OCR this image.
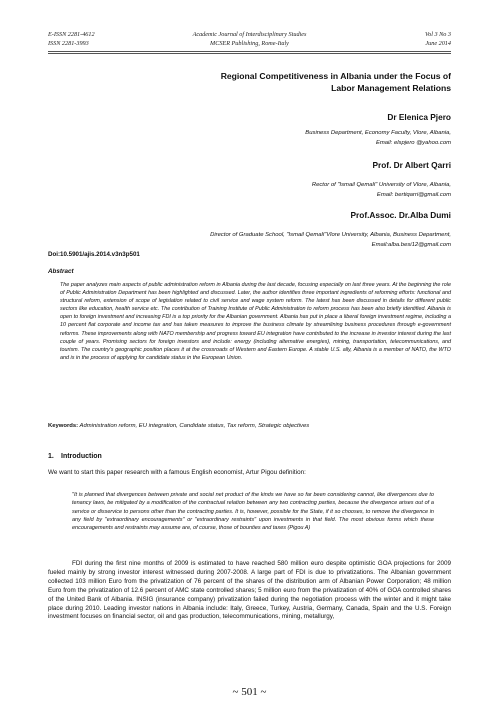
E-ISSN 2281-4612
ISSN 2281-3993
Academic Journal of Interdisciplinary Studies
MCSER Publishing, Rome-Italy
Vol 3 No 3
June 2014
Regional Competitiveness in Albania under the Focus of
Labor Management Relations
Dr Elenica Pjero
Business Department, Economy Faculty, Vlore, Albania,
Email: elspjero @yahoo.com
Prof. Dr Albert Qarri
Rector of "Ismail Qemali" University of Vlore, Albania,
Email: bertiqarri@gmail.com
Prof.Assoc. Dr.Alba Dumi
Director of Graduate School, "Ismail Qemali"Vlore University, Albania, Business Department,
Email:alba.besi12@gmail.com
Doi:10.5901/ajis.2014.v3n3p501
Abstract
The paper analyzes main aspects of public administration reform in Albania during the last decade, focusing especially on last three years. At the beginning the role of Public Administration Department has been highlighted and discussed. Later, the author identifies three important ingredients of reforming efforts: functional and structural reform, extension of scope of legislation related to civil service and wage system reform. The latest has been discussed in details for different public sectors like education, health service etc. The contribution of Training Institute of Public Administration to reform process has been also briefly identified. Albania is open to foreign investment and increasing FDI is a top priority for the Albanian government. Albania has put in place a liberal foreign investment regime, including a 10 percent flat corporate and income tax and has taken measures to improve the business climate by streamlining business procedures through e-government reforms. These improvements along with NATO membership and progress toward EU integration have contributed to the increase in investor interest during the last couple of years. Promising sectors for foreign investors and include: energy (including alternative energies), mining, transportation, telecommunications, and tourism. The country's geographic position places it at the crossroads of Western and Eastern Europe. A stable U.S. ally, Albania is a member of NATO, the WTO and is in the process of applying for candidate status in the European Union.
Keywords: Administration reform, EU integration, Candidate status, Tax reform, Strategic objectives
1. Introduction
We want to start this paper research with a famous English economist, Artur Pigou definition:
"It is planned that divergences between private and social net product of the kinds we have so far been considering cannot, like divergences due to tenancy laws, be mitigated by a modification of the contractual relation between any two contracting parties, because the divergence arises out of a service or disservice to persons other than the contracting parties. It is, however, possible for the State, if it so chooses, to remove the divergence in any field by "extraordinary encouragements" or "extraordinary restraints" upon investments in that field. The most obvious forms which these encouragements and restraints may assume are, of course, those of bounties and taxes (Pigou A)
FDI during the first nine months of 2009 is estimated to have reached 580 million euro despite optimistic GOA projections for 2009 fueled mainly by strong investor interest witnessed during 2007-2008. A large part of FDI is due to privatizations. The Albanian government collected 103 million Euro from the privatization of 76 percent of the shares of the distribution arm of Albanian Power Corporation; 48 million Euro from the privatization of 12.6 percent of AMC state controlled shares; 5 million euro from the privatization of 40% of GOA controlled shares of the United Bank of Albania. INSIG (insurance company) privatization failed during the negotiation process with the winter and it might take place during 2010. Leading investor nations in Albania include: Italy, Greece, Turkey, Austria, Germany, Canada, Spain and the U.S. Foreign investment focuses on financial sector, oil and gas production, telecommunications, mining, metallurgy,
~ 501 ~
